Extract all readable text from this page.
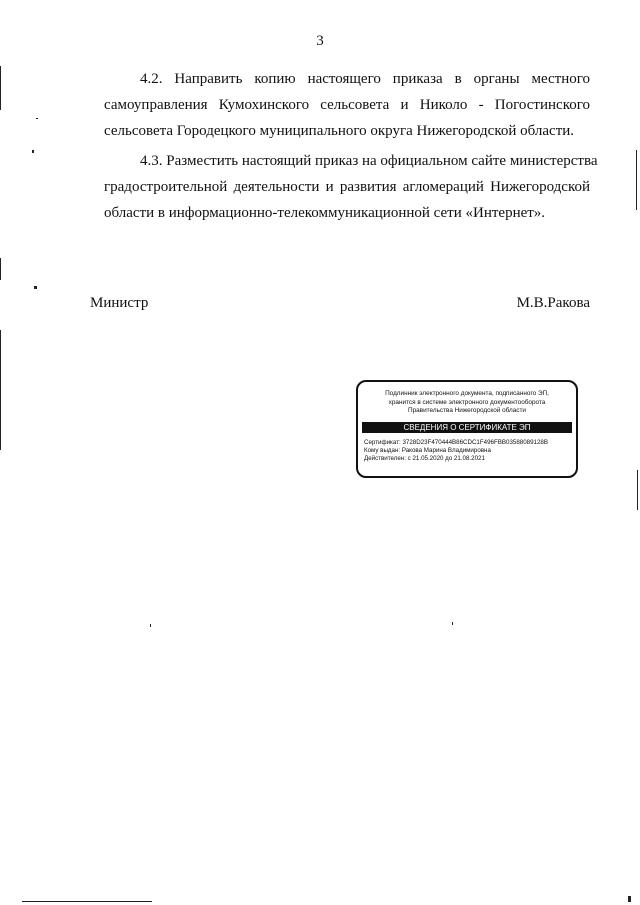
3
4.2. Направить копию настоящего приказа в органы местного
самоуправления Кумохинского сельсовета и Николо - Погостинского
сельсовета Городецкого муниципального округа Нижегородской области.
4.3. Разместить настоящий приказ на официальном сайте министерства
градостроительной деятельности и развития агломераций Нижегородской
области в информационно-телекоммуникационной сети «Интернет».
Министр	М.В.Ракова
Подлинник электронного документа, подписанного ЭП,
хранится в системе электронного документооборота
Правительства Нижегородской области
СВЕДЕНИЯ О СЕРТИФИКАТЕ ЭП
Сертификат: 3728D23F470444B86CDC1F496FBB03588089128B
Кому выдан: Ракова Марина Владимировна
Действителен: с 21.05.2020 до 21.08.2021
